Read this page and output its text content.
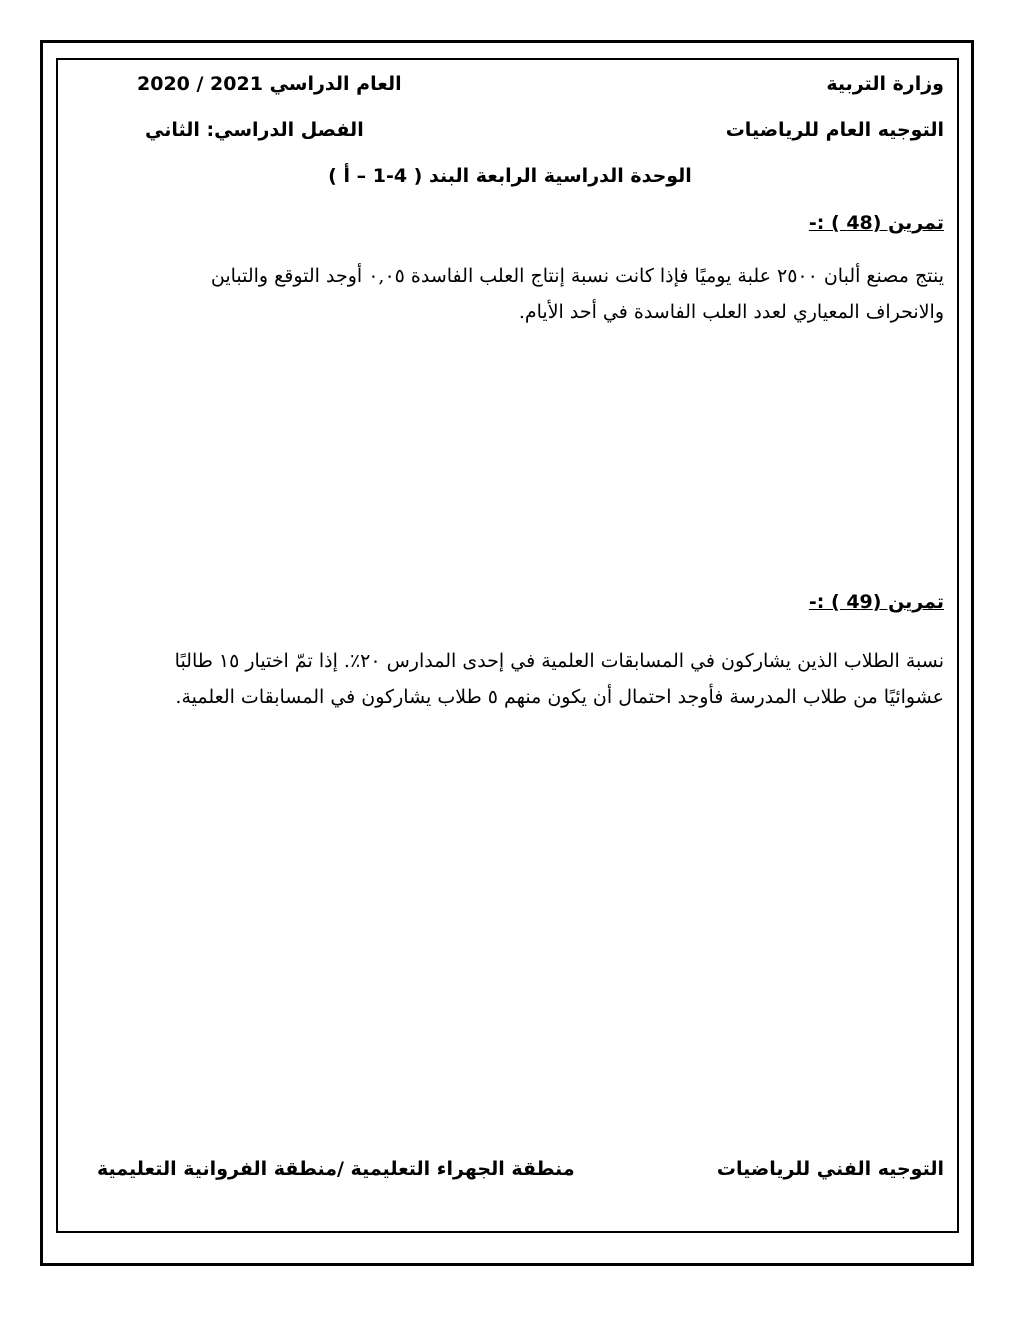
وزارة التربية
العام الدراسي 2020 / 2021
التوجيه العام للرياضيات
الفصل الدراسي: الثاني
الوحدة الدراسية الرابعة البند ( 4-1 – أ )
تمرين (48 ) :-
ينتج مصنع ألبان ٢٥٠٠ علبة يوميًا فإذا كانت نسبة إنتاج العلب الفاسدة ٠,٠٥ أوجد التوقع والتباين
والانحراف المعياري لعدد العلب الفاسدة في أحد الأيام.
تمرين (49 ) :-
نسبة الطلاب الذين يشاركون في المسابقات العلمية في إحدى المدارس ٢٠٪. إذا تمّ اختيار ١٥ طالبًا
عشوائيًا من طلاب المدرسة فأوجد احتمال أن يكون منهم ٥ طلاب يشاركون في المسابقات العلمية.
التوجيه الفني للرياضيات
منطقة الجهراء التعليمية /منطقة الفروانية التعليمية
